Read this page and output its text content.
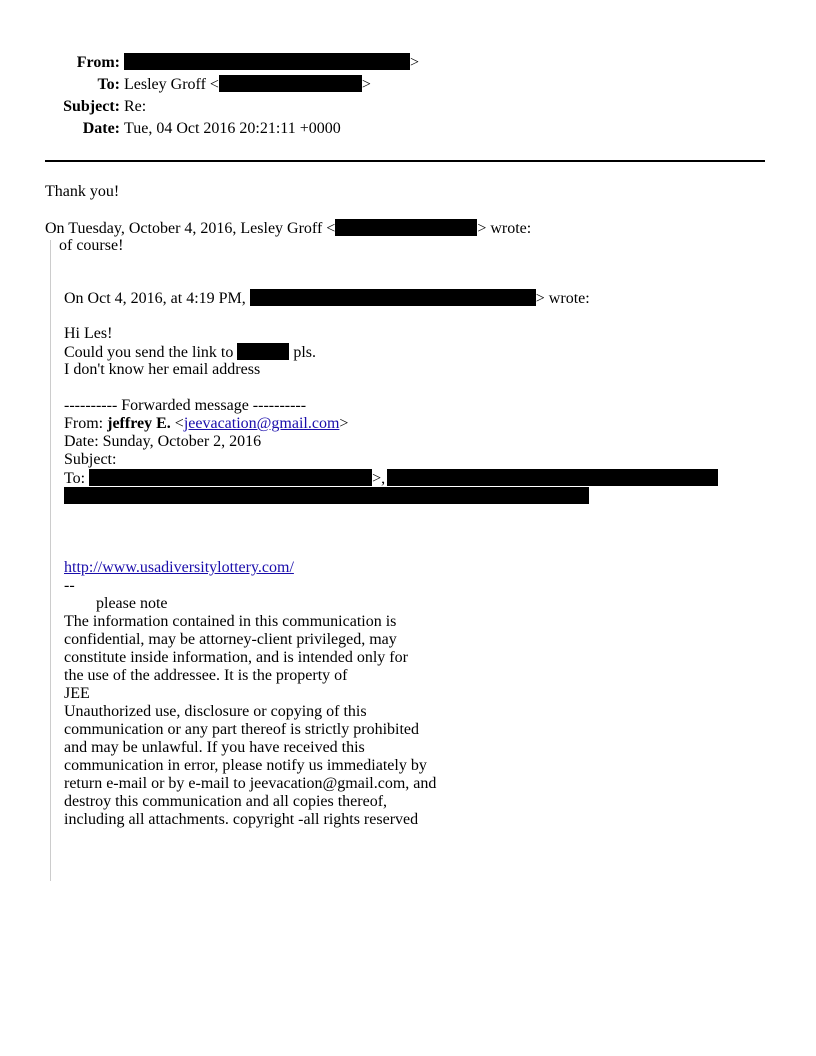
From:	>
To: Lesley Groff <	>
Subject: Re:
Date: Tue, 04 Oct 2016 20:21:11 +0000
Thank you!
On Tuesday, October 4, 2016, Lesley Groff <	> wrote:
of course!
On Oct 4, 2016, at 4:19 PM,	> wrote:
Hi Les!
Could you send the link to	pls.
I don't know her email address
---------- Forwarded message ----------
From: jeffrey E. <jeevacation@gmail.com>
Date: Sunday, October 2, 2016
Subject:
To:	>,
http://www.usadiversitylottery.com/
--
please note
The information contained in this communication is
confidential, may be attorney-client privileged, may
constitute inside information, and is intended only for
the use of the addressee. It is the property of
JEE
Unauthorized use, disclosure or copying of this
communication or any part thereof is strictly prohibited
and may be unlawful. If you have received this
communication in error, please notify us immediately by
return e-mail or by e-mail to jeevacation@gmail.com, and
destroy this communication and all copies thereof,
including all attachments. copyright -all rights reserved
